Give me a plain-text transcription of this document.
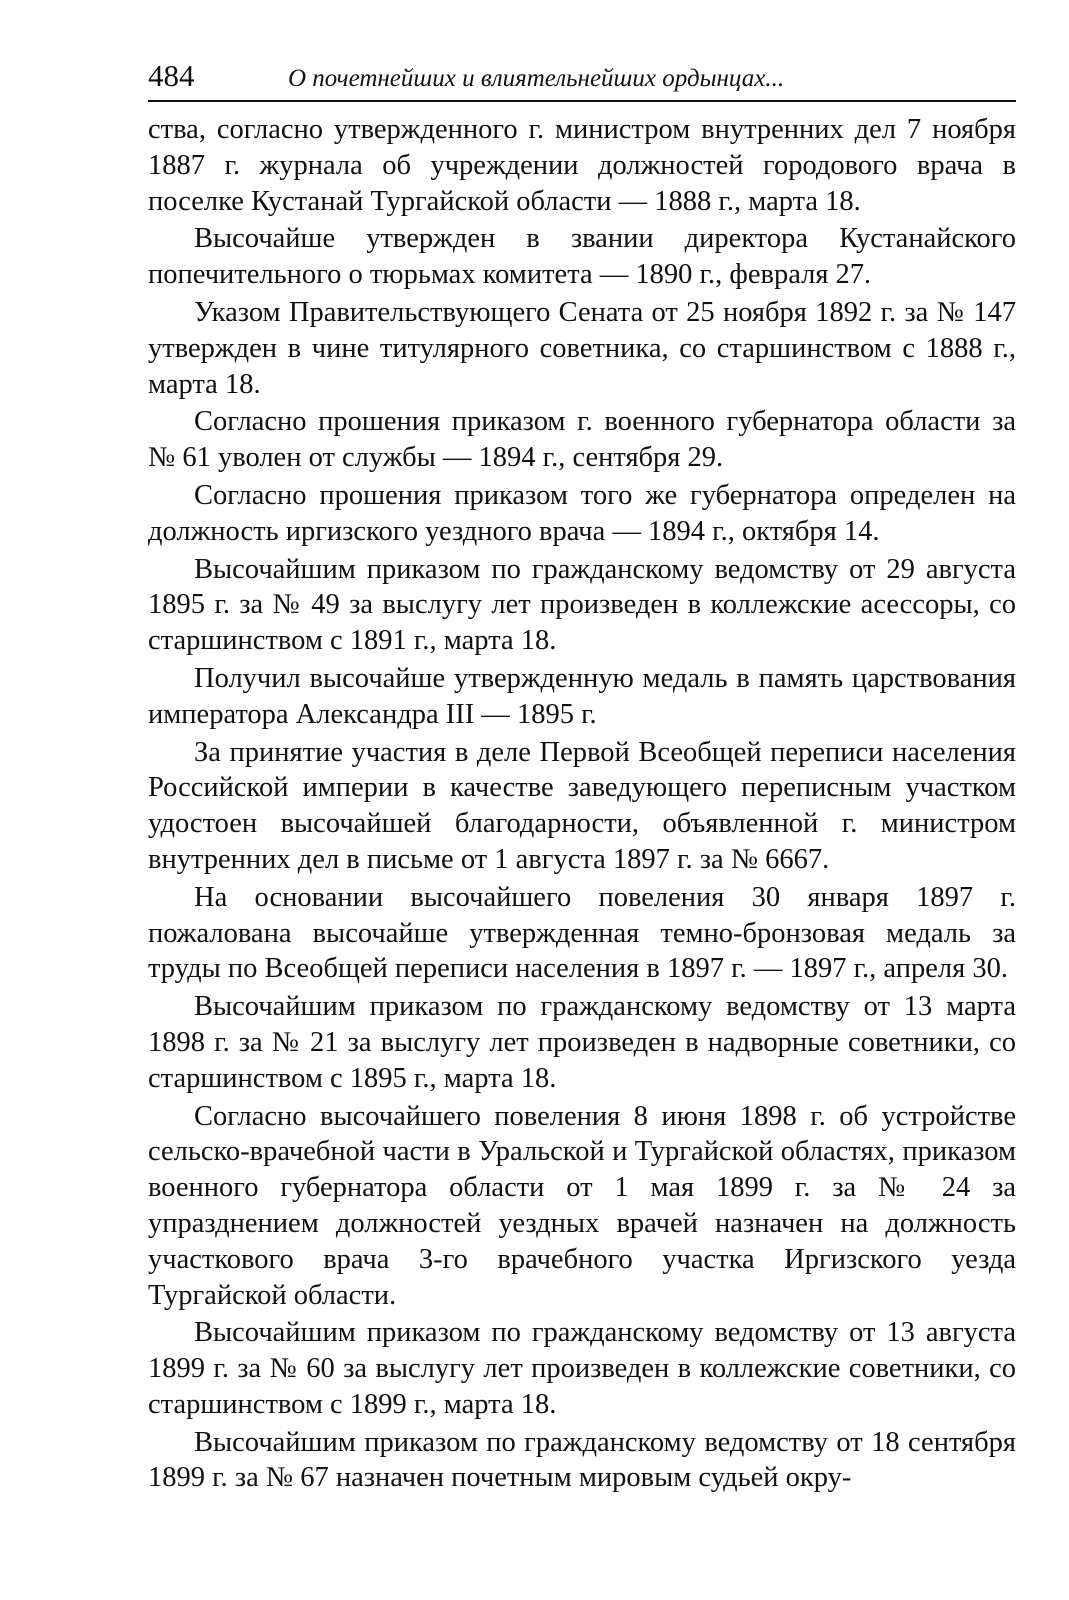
484	О почетнейших и влиятельнейших ордынцах...

ства, согласно утвержденного г. министром внутренних дел 7 ноября 1887 г. журнала об учреждении должностей городового врача в поселке Кустанай Тургайской области — 1888 г., марта 18.

Высочайше утвержден в звании директора Кустанайского попечительного о тюрьмах комитета — 1890 г., февраля 27.

Указом Правительствующего Сената от 25 ноября 1892 г. за № 147 утвержден в чине титулярного советника, со старшинством с 1888 г., марта 18.

Согласно прошения приказом г. военного губернатора области за № 61 уволен от службы — 1894 г., сентября 29.

Согласно прошения приказом того же губернатора определен на должность иргизского уездного врача — 1894 г., октября 14.

Высочайшим приказом по гражданскому ведомству от 29 августа 1895 г. за № 49 за выслугу лет произведен в коллежские асессоры, со старшинством с 1891 г., марта 18.

Получил высочайше утвержденную медаль в память царствования императора Александра III — 1895 г.

За принятие участия в деле Первой Всеобщей переписи населения Российской империи в качестве заведующего переписным участком удостоен высочайшей благодарности, объявленной г. министром внутренних дел в письме от 1 августа 1897 г. за № 6667.

На основании высочайшего повеления 30 января 1897 г. пожалована высочайше утвержденная темно-бронзовая медаль за труды по Всеобщей переписи населения в 1897 г. — 1897 г., апреля 30.

Высочайшим приказом по гражданскому ведомству от 13 марта 1898 г. за № 21 за выслугу лет произведен в надворные советники, со старшинством с 1895 г., марта 18.

Согласно высочайшего повеления 8 июня 1898 г. об устройстве сельско-врачебной части в Уральской и Тургайской областях, приказом военного губернатора области от 1 мая 1899 г. за № 24 за упразднением должностей уездных врачей назначен на должность участкового врача 3-го врачебного участка Иргизского уезда Тургайской области.

Высочайшим приказом по гражданскому ведомству от 13 августа 1899 г. за № 60 за выслугу лет произведен в коллежские советники, со старшинством с 1899 г., марта 18.

Высочайшим приказом по гражданскому ведомству от 18 сентября 1899 г. за № 67 назначен почетным мировым судьей окру-
